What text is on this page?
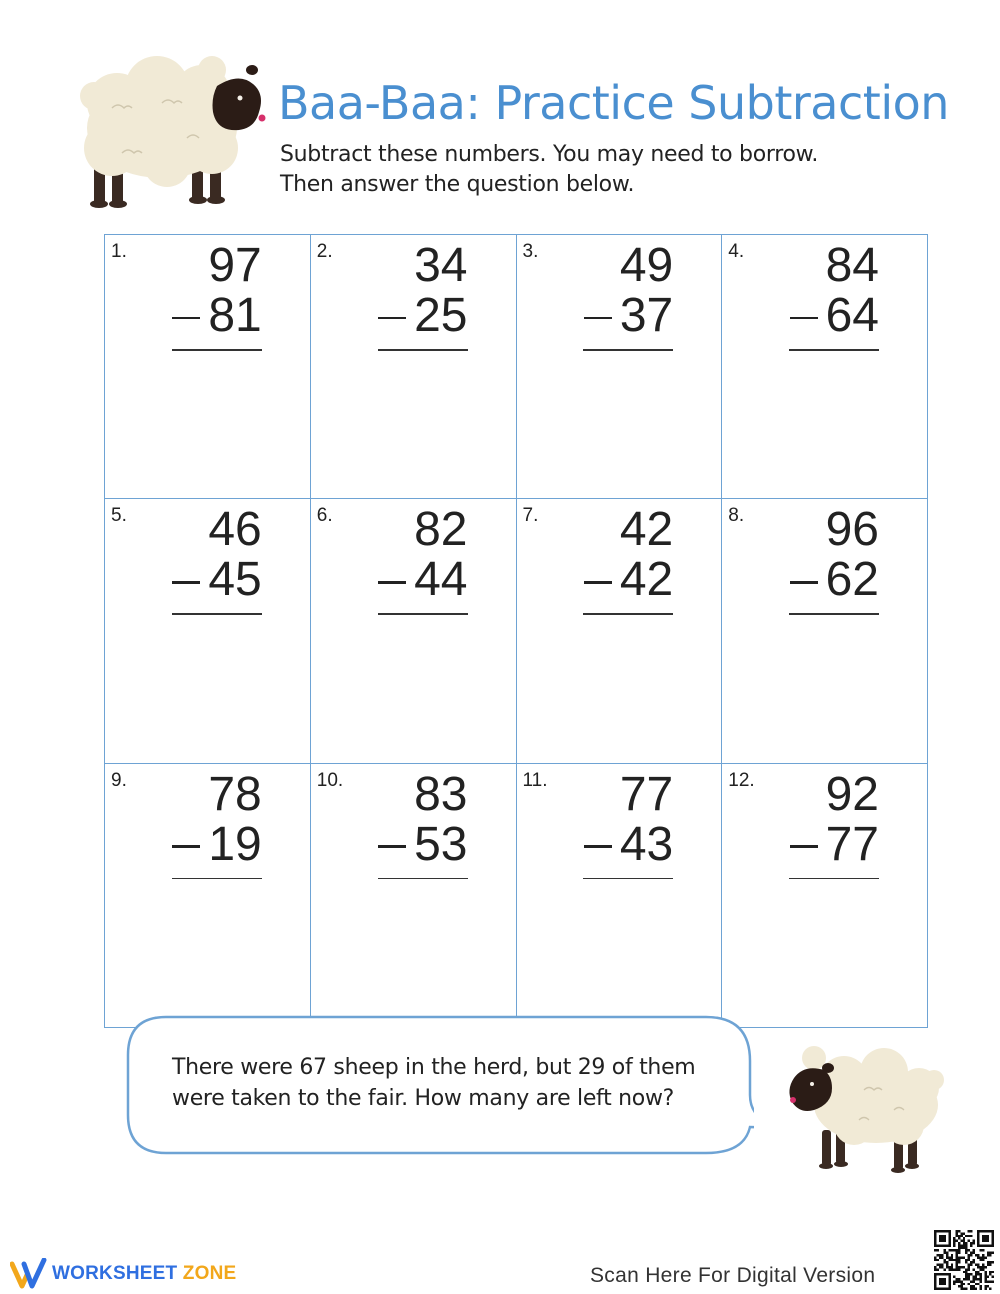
Baa-Baa: Practice Subtraction
Subtract these numbers. You may need to borrow.
Then answer the question below.
1.	97
81
2.	34
25
3.	49
37
4.	84
64
5.	46
45
6.	82
44
7.	42
42
8.	96
62
9.	78
19
10.	83
53
11.	77
43
12.	92
77
There were 67 sheep in the herd, but 29 of them
were taken to the fair. How many are left now?
WORKSHEET ZONE	Scan Here For Digital Version
